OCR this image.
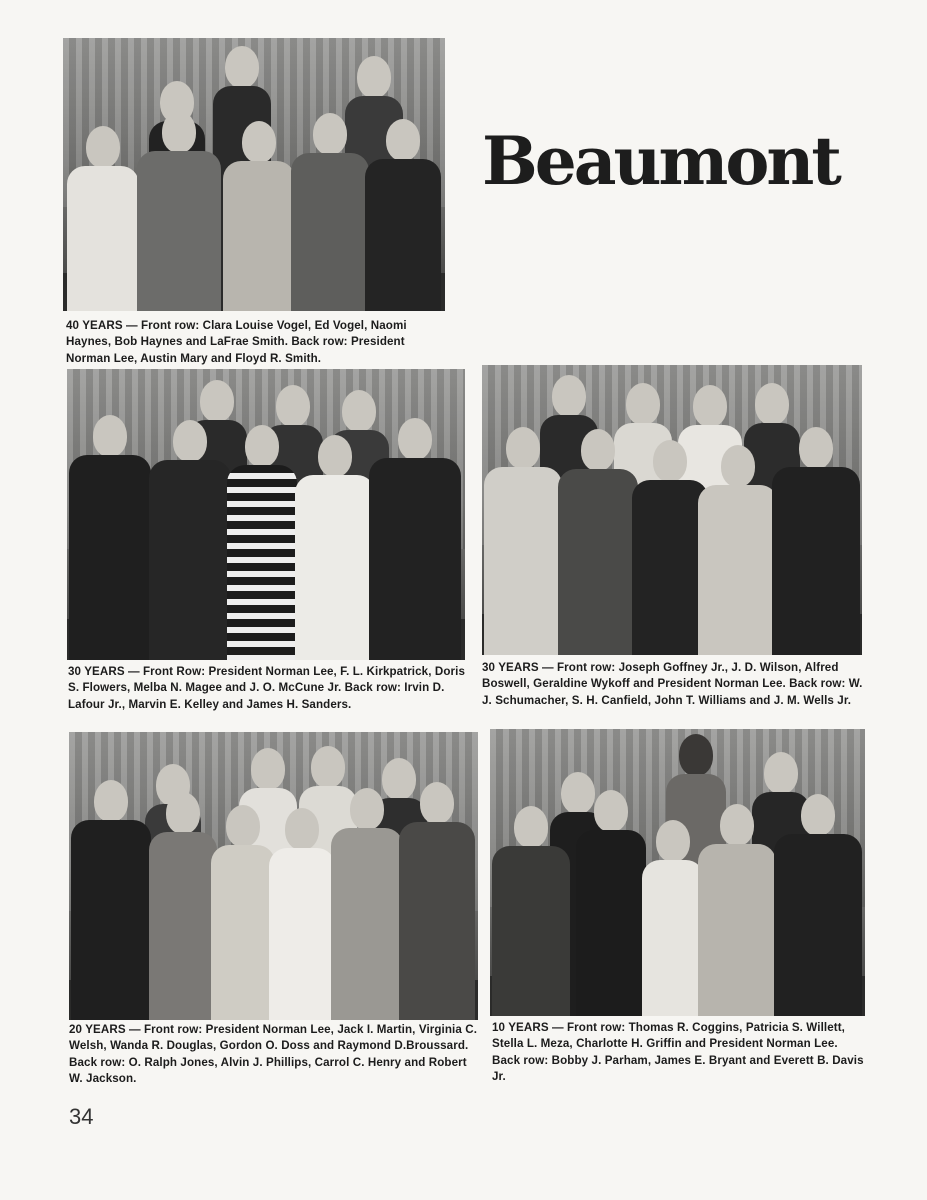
Beaumont

40 YEARS — Front row: Clara Louise Vogel, Ed Vogel, Naomi Haynes, Bob Haynes and LaFrae Smith. Back row: President Norman Lee, Austin Mary and Floyd R. Smith.

30 YEARS — Front Row: President Norman Lee, F. L. Kirkpatrick, Doris S. Flowers, Melba N. Magee and J. O. McCune Jr. Back row: Irvin D. Lafour Jr., Marvin E. Kelley and James H. Sanders.

30 YEARS — Front row: Joseph Goffney Jr., J. D. Wilson, Alfred Boswell, Geraldine Wykoff and President Norman Lee. Back row: W. J. Schumacher, S. H. Canfield, John T. Williams and J. M. Wells Jr.

20 YEARS — Front row: President Norman Lee, Jack I. Martin, Virginia C. Welsh, Wanda R. Douglas, Gordon O. Doss and Raymond D.Broussard. Back row: O. Ralph Jones, Alvin J. Phillips, Carrol C. Henry and Robert W. Jackson.

10 YEARS — Front row: Thomas R. Coggins, Patricia S. Willett, Stella L. Meza, Charlotte H. Griffin and President Norman Lee. Back row: Bobby J. Parham, James E. Bryant and Everett B. Davis Jr.

34
